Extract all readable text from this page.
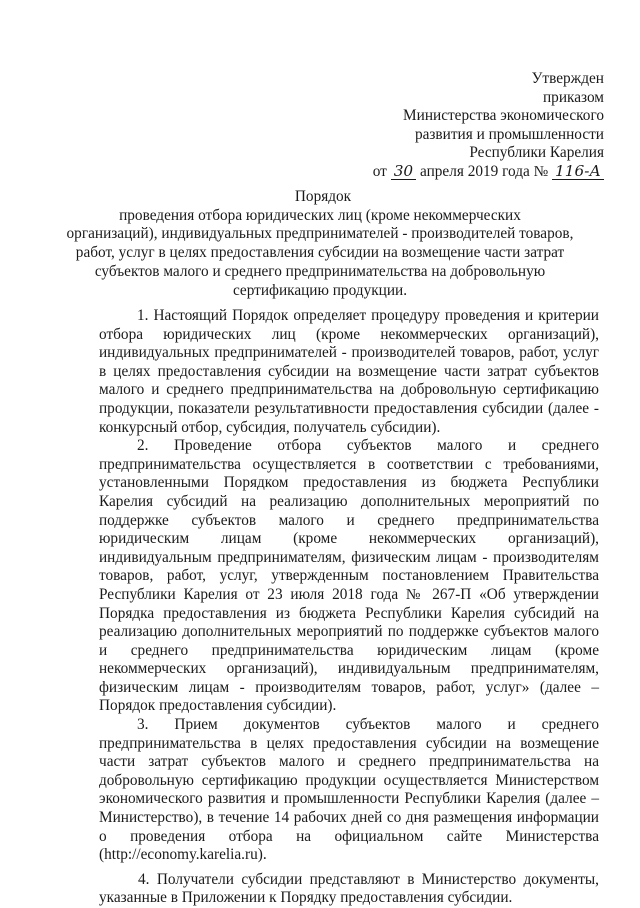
Утвержден
приказом
Министерства экономического
развития и промышленности
Республики Карелия
от 30 апреля 2019 года № 116-А
Порядок
проведения отбора юридических лиц (кроме некоммерческих
организаций), индивидуальных предпринимателей - производителей товаров,
работ, услуг в целях предоставления субсидии на возмещение части затрат
субъектов малого и среднего предпринимательства на добровольную
сертификацию продукции.

1. Настоящий Порядок определяет процедуру проведения и критерии отбора юридических лиц (кроме некоммерческих организаций), индивидуальных предпринимателей - производителей товаров, работ, услуг в целях предоставления субсидии на возмещение части затрат субъектов малого и среднего предпринимательства на добровольную сертификацию продукции, показатели результативности предоставления субсидии (далее - конкурсный отбор, субсидия, получатель субсидии).

2. Проведение отбора субъектов малого и среднего предпринимательства осуществляется в соответствии с требованиями, установленными Порядком предоставления из бюджета Республики Карелия субсидий на реализацию дополнительных мероприятий по поддержке субъектов малого и среднего предпринимательства юридическим лицам (кроме некоммерческих организаций), индивидуальным предпринимателям, физическим лицам - производителям товаров, работ, услуг, утвержденным постановлением Правительства Республики Карелия от 23 июля 2018 года № 267-П «Об утверждении Порядка предоставления из бюджета Республики Карелия субсидий на реализацию дополнительных мероприятий по поддержке субъектов малого и среднего предпринимательства юридическим лицам (кроме некоммерческих организаций), индивидуальным предпринимателям, физическим лицам - производителям товаров, работ, услуг» (далее – Порядок предоставления субсидии).

3. Прием документов субъектов малого и среднего предпринимательства в целях предоставления субсидии на возмещение части затрат субъектов малого и среднего предпринимательства на добровольную сертификацию продукции осуществляется Министерством экономического развития и промышленности Республики Карелия (далее – Министерство), в течение 14 рабочих дней со дня размещения информации о проведения отбора на официальном сайте Министерства (http://economy.karelia.ru).

4. Получатели субсидии представляют в Министерство документы, указанные в Приложении к Порядку предоставления субсидии.
